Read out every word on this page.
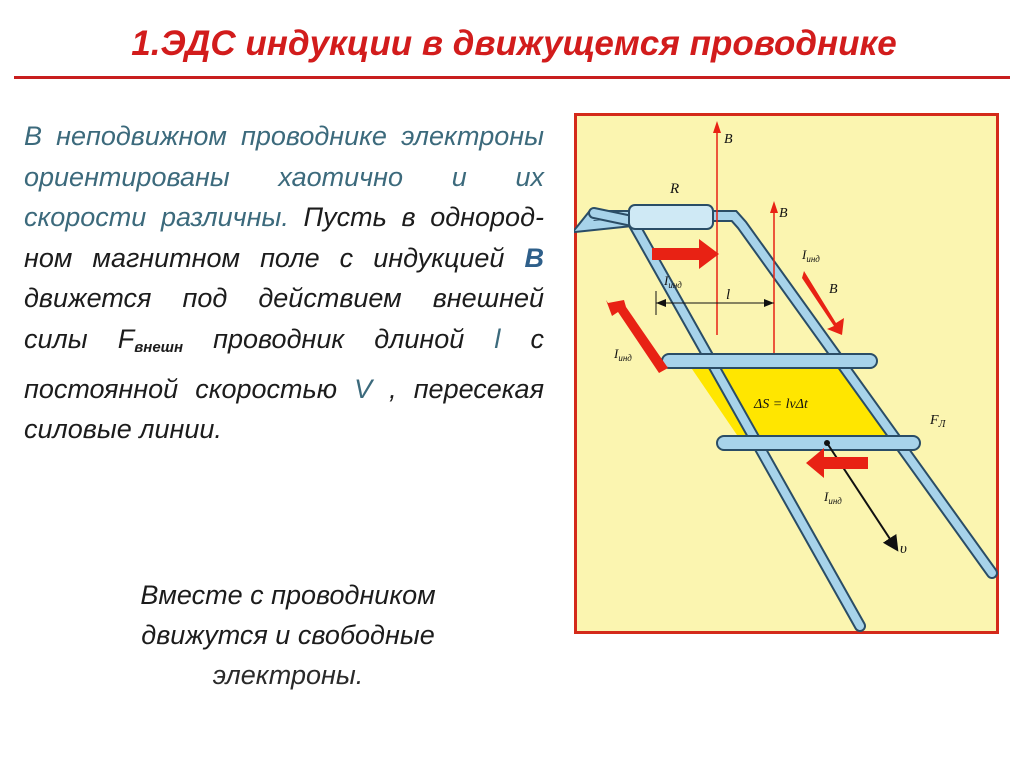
1.ЭДС индукции в движущемся проводнике

В неподвижном проводнике электроны ориентированы хаотично и их скорости различны. Пусть в однород-ном магнитном поле с индукцией B движется под действием внешней силы $F_{внешн}$ проводник длиной l с постоянной скоростью V , пересекая силовые линии.

Вместе с проводником движутся и свободные электроны.
R
B
B
B
l
ΔS = lvΔt
υ
$F_Л$
$I_{инд}$
$I_{инд}$
$I_{инд}$
$I_{инд}$
